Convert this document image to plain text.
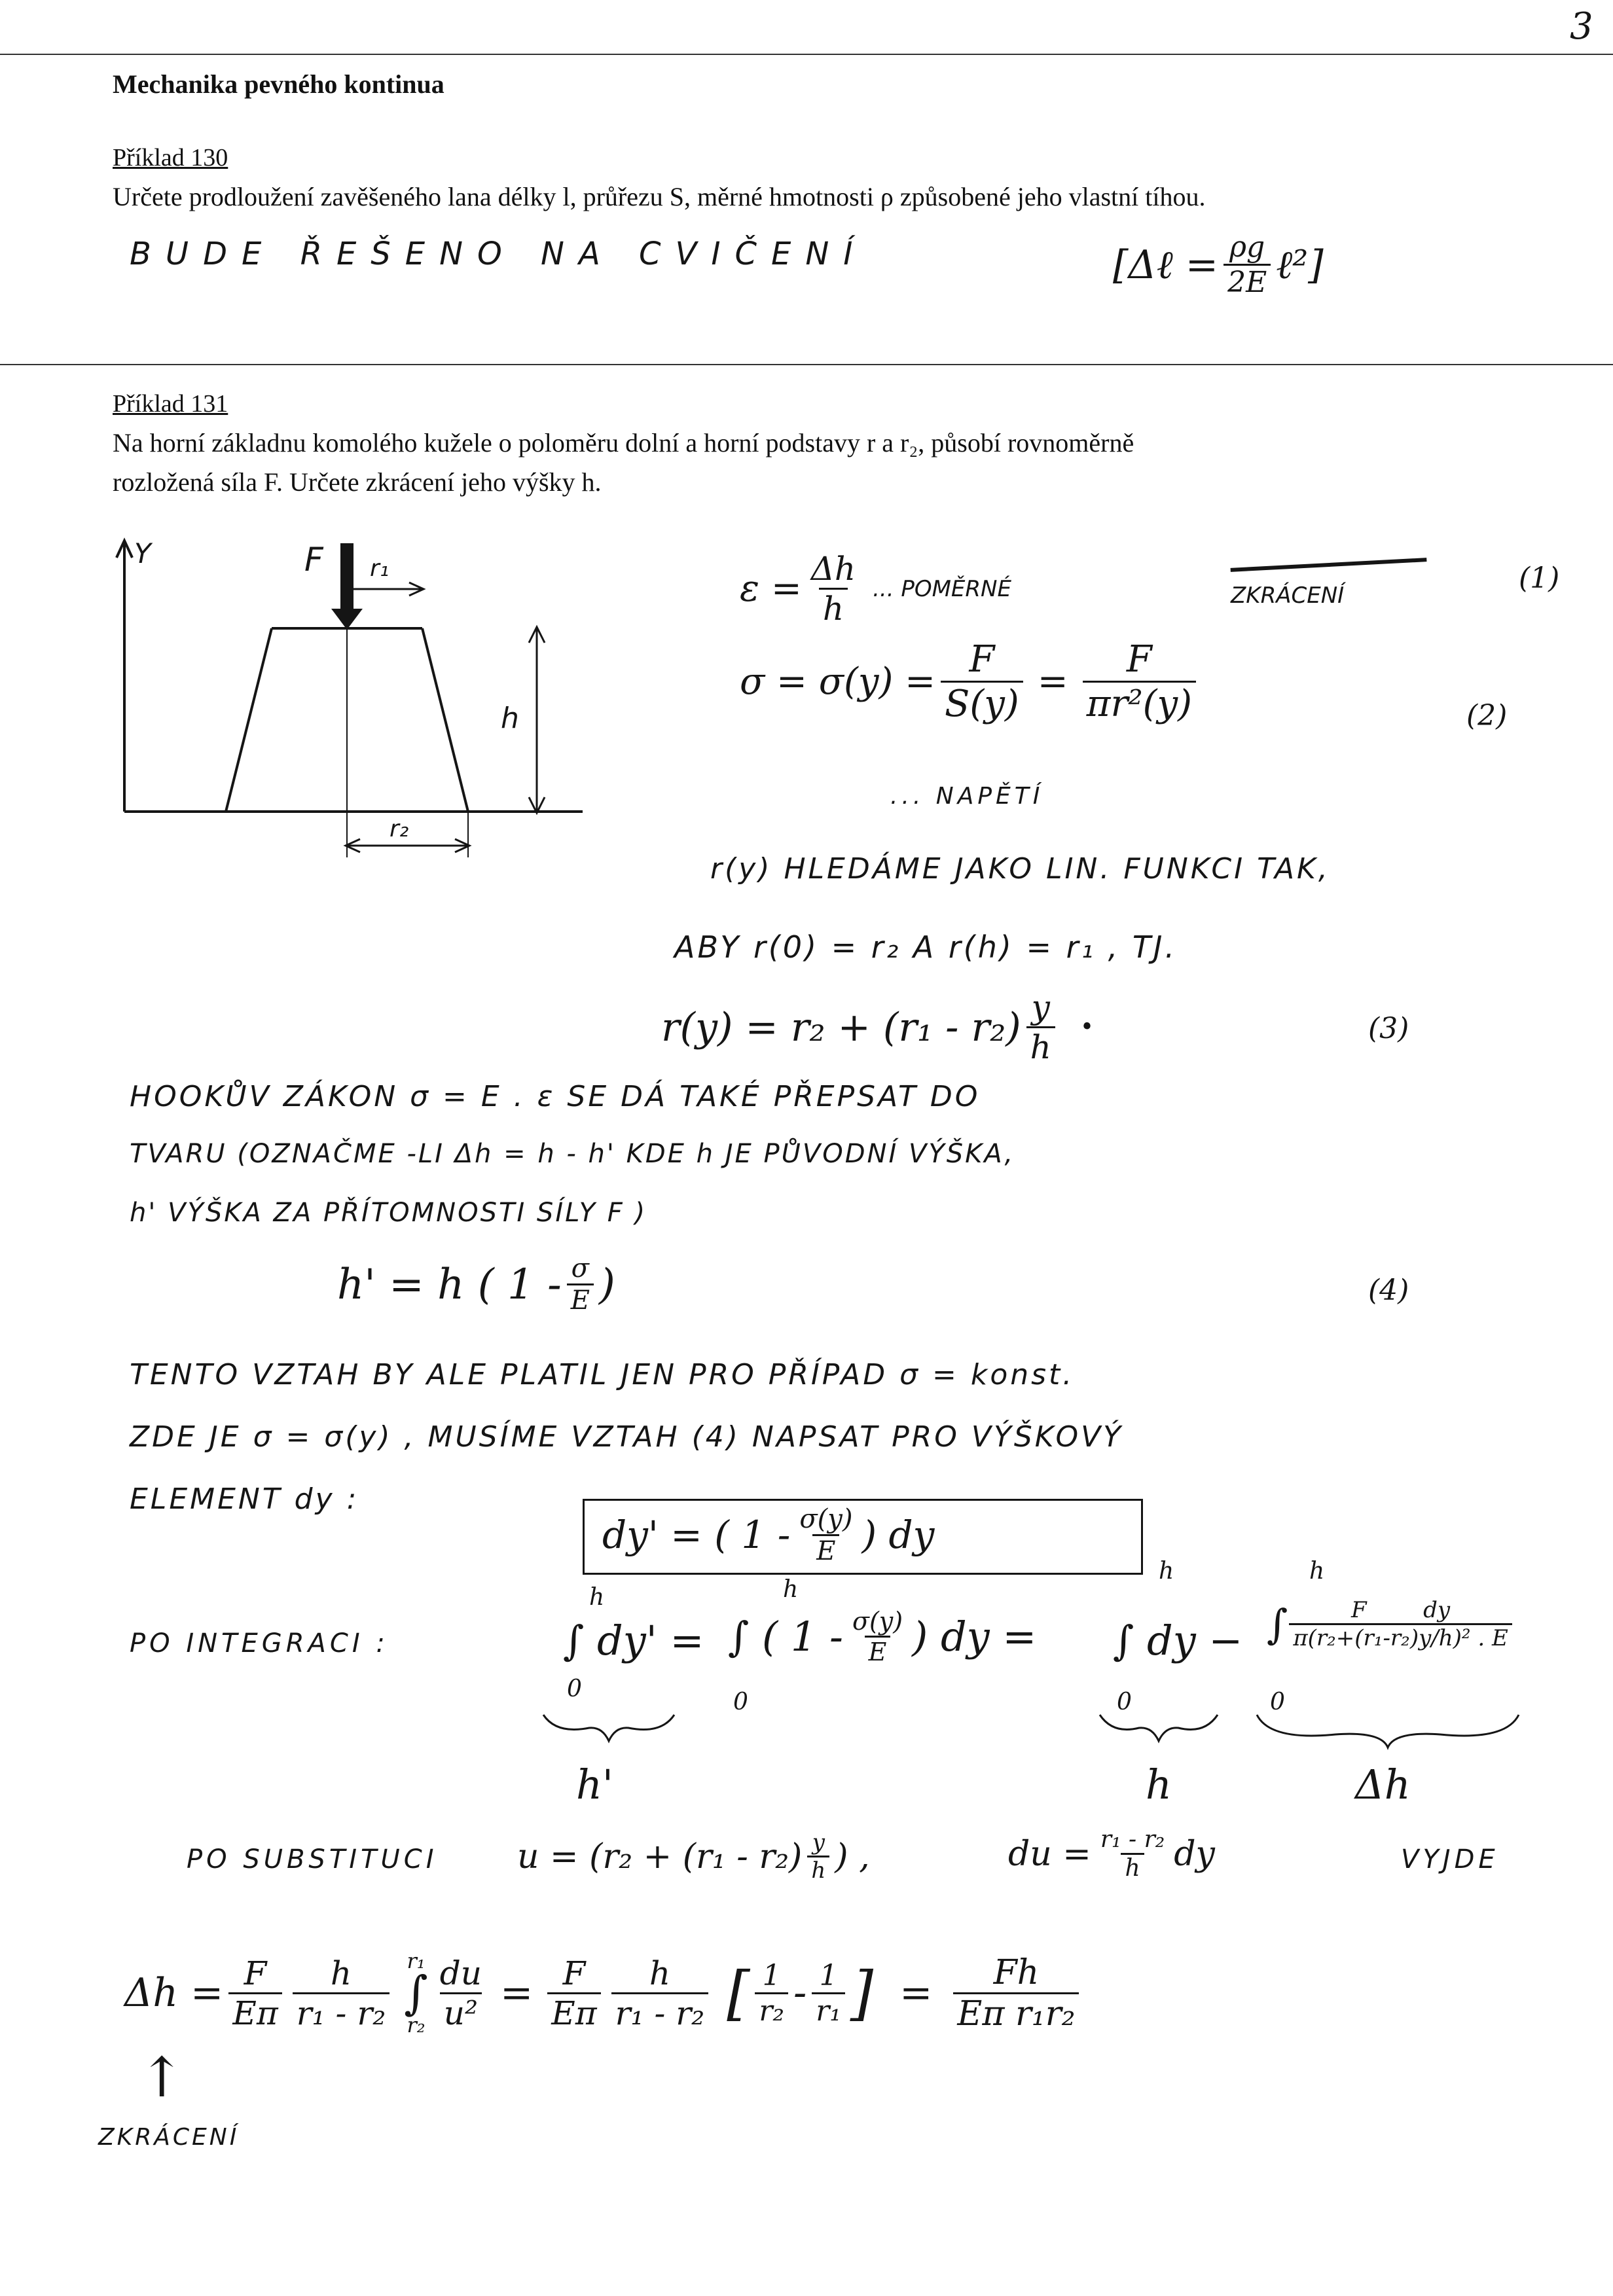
3
Mechanika pevného kontinua
Příklad 130
Určete prodloužení zavěšeného lana délky l, průřezu S, měrné hmotnosti ρ způsobené jeho vlastní tíhou.
BUDE ŘEŠENO NA CVIČENÍ	[Δℓ = $\frac{\rho g}{2E}$ ℓ²]
Příklad 131
Na horní základnu komolého kužele o poloměru dolní a horní podstavy r a r₂, působí rovnoměrně
rozložená síla F. Určete zkrácení jeho výšky h.
Y	F r₁
r₂
h
$\varepsilon = \frac{\Delta h}{h}$ ... POMĚRNÉ	ZKRÁCENÍ
(1)
$\sigma = \sigma(y) = \frac{F}{S(y)} = \frac{F}{\text{πr²(y)}}$	(2)
... NAPĚTÍ
r(y) HLEDÁME JAKO LIN. FUNKCI TAK,
ABY r(0) = r₂ A r(h) = r₁ , TJ.
$r(y) = r_2 + (r_1 - r_2) \frac{y}{h}$ •	(3)
HOOKŮV ZÁKON σ = E . ε SE DÁ TAKÉ PŘEPSAT DO
TVARU (OZNAČME -LI Δh = h - h' KDE h JE PŮVODNÍ VÝŠKA,
h' VÝŠKA ZA PŘÍTOMNOSTI SÍLY F )
h' = h ( $1 - \frac{\sigma}{E}$ )	(4)
TENTO VZTAH BY ALE PLATIL JEN PRO PŘÍPAD σ = konst.
ZDE JE σ = σ(y) , MUSÍME VZTAH (4) NAPSAT PRO VÝŠKOVÝ
ELEMENT dy :
dy' = ( $1 - \frac{\sigma(y)}{E}$ ) dy
PO INTEGRACI :
h
0
∫ dy' =
h
0
∫ ( $1 - \frac{\sigma(y)}{E}$ ) dy =
h
0
∫ dy −
h
0
∫ $\frac{\text{F        dy}}{\text{π(r₂+(r₁-r₂)y/h)² . E}}$
h'	h	Δh
PO SUBSTITUCI $u = (r_2 + (r_1 - r_2) \frac{y}{h}$ ) ,	du = $\frac{\text{r₁ - r₂}}{h}$ dy	VYJDE
$\Delta h = \frac{F}{E\pi} \frac{h}{\text{r₁ - r₂}} r_1$
∫
$r_2 \frac{du}{\text{u²}} = \frac{F}{E\pi} \frac{h}{\text{r₁ - r₂}}$ [ $\frac{1}{\text{r₂}} - \frac{1}{\text{r₁}}$ ] = $\frac{Fh}{\text{Eπ r₁r₂}}$
↑
ZKRÁCENÍ
